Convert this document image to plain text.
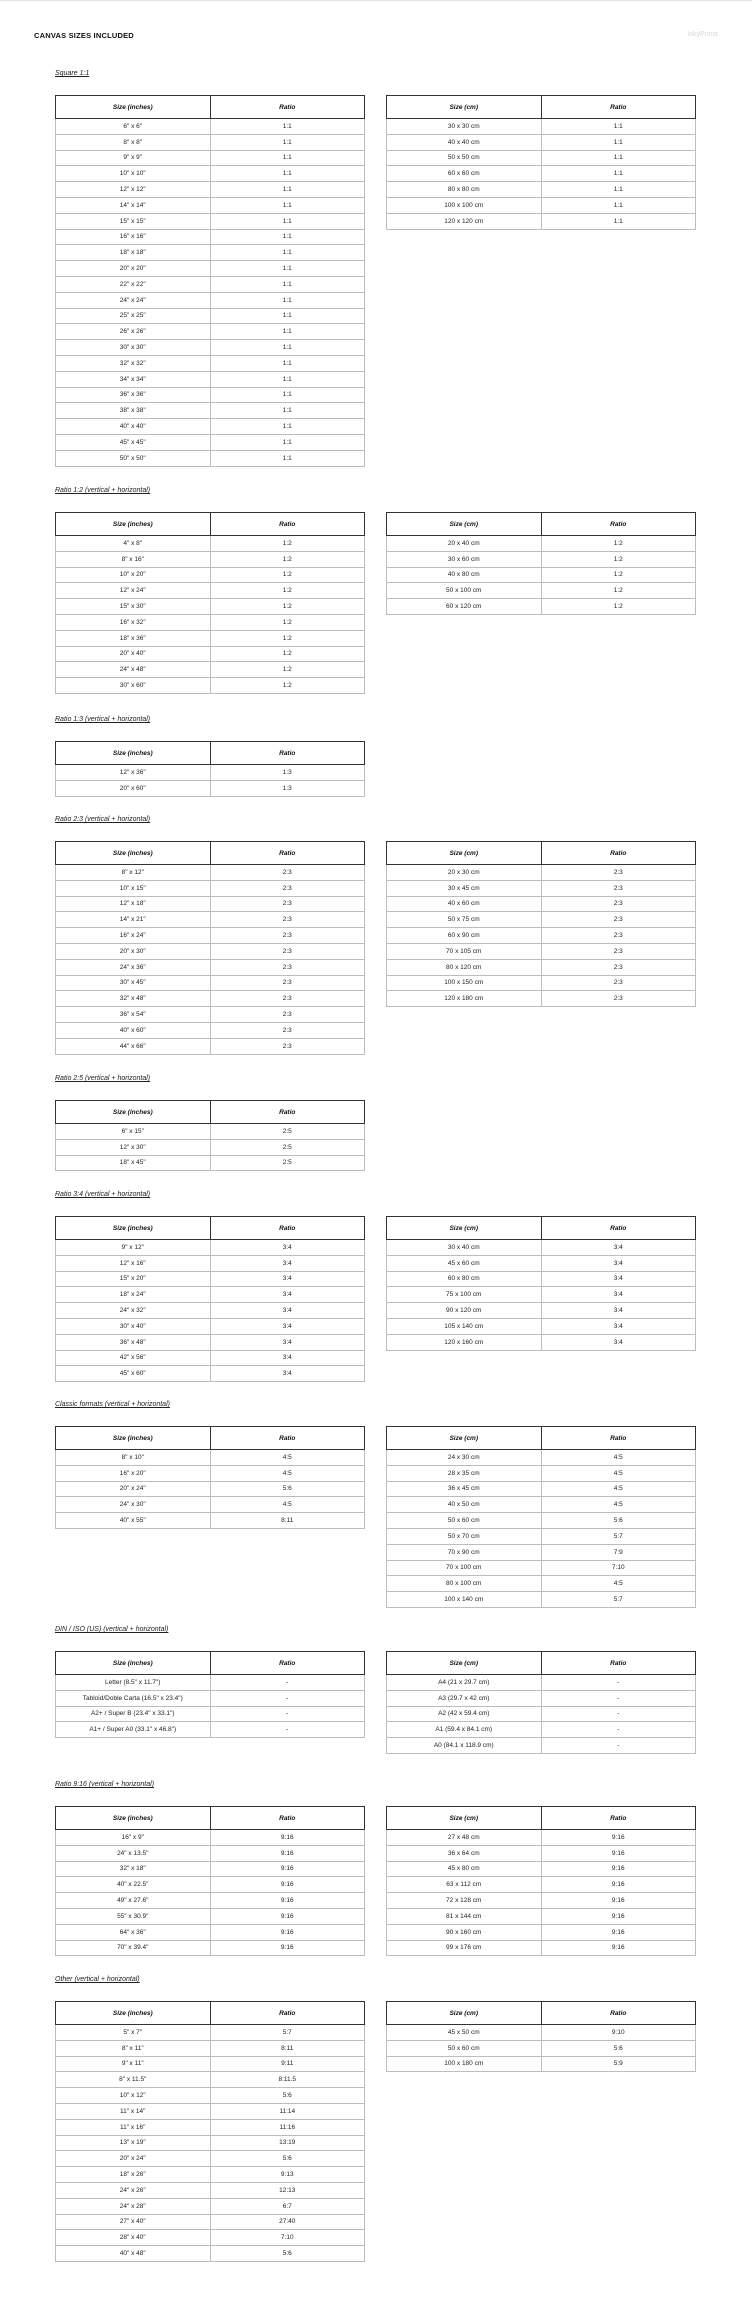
CANVAS SIZES INCLUDED	InkyPrints
Square 1:1
Size (inches)	Ratio
6" x 6"	1:1
8" x 8"	1:1
9" x 9"	1:1
10" x 10"	1:1
12" x 12"	1:1
14" x 14"	1:1
15" x 15"	1:1
16" x 16"	1:1
18" x 18"	1:1
20" x 20"	1:1
22" x 22"	1:1
24" x 24"	1:1
25" x 25"	1:1
26" x 26"	1:1
30" x 30"	1:1
32" x 32"	1:1
34" x 34"	1:1
36" x 36"	1:1
38" x 38"	1:1
40" x 40"	1:1
45" x 45"	1:1
50" x 50"	1:1
Size (cm)	Ratio
30 x 30 cm	1:1
40 x 40 cm	1:1
50 x 50 cm	1:1
60 x 60 cm	1:1
80 x 80 cm	1:1
100 x 100 cm	1:1
120 x 120 cm	1:1
Ratio 1:2 (vertical + horizontal)
Size (inches)	Ratio
4" x 8"	1:2
8" x 16"	1:2
10" x 20"	1:2
12" x 24"	1:2
15" x 30"	1:2
16" x 32"	1:2
18" x 36"	1:2
20" x 40"	1:2
24" x 48"	1:2
30" x 60"	1:2
Size (cm)	Ratio
20 x 40 cm	1:2
30 x 60 cm	1:2
40 x 80 cm	1:2
50 x 100 cm	1:2
60 x 120 cm	1:2
Ratio 1:3 (vertical + horizontal)
Size (inches)	Ratio
12" x 36"	1:3
20" x 60"	1:3
Ratio 2:3 (vertical + horizontal)
Size (inches)	Ratio
8" x 12"	2:3
10" x 15"	2:3
12" x 18"	2:3
14" x 21"	2:3
16" x 24"	2:3
20" x 30"	2:3
24" x 36"	2:3
30" x 45"	2:3
32" x 48"	2:3
36" x 54"	2:3
40" x 60"	2:3
44" x 66"	2:3
Size (cm)	Ratio
20 x 30 cm	2:3
30 x 45 cm	2:3
40 x 60 cm	2:3
50 x 75 cm	2:3
60 x 90 cm	2:3
70 x 105 cm	2:3
80 x 120 cm	2:3
100 x 150 cm	2:3
120 x 180 cm	2:3
Ratio 2:5 (vertical + horizontal)
Size (inches)	Ratio
6" x 15"	2:5
12" x 30"	2:5
18" x 45"	2:5
Ratio 3:4 (vertical + horizontal)
Size (inches)	Ratio
9" x 12"	3:4
12" x 16"	3:4
15" x 20"	3:4
18" x 24"	3:4
24" x 32"	3:4
30" x 40"	3:4
36" x 48"	3:4
42" x 56"	3:4
45" x 60"	3:4
Size (cm)	Ratio
30 x 40 cm	3:4
45 x 60 cm	3:4
60 x 80 cm	3:4
75 x 100 cm	3:4
90 x 120 cm	3:4
105 x 140 cm	3:4
120 x 160 cm	3:4
Classic formats (vertical + horizontal)
Size (inches)	Ratio
8" x 10"	4:5
16" x 20"	4:5
20" x 24"	5:6
24" x 30"	4:5
40" x 55"	8:11
Size (cm)	Ratio
24 x 30 cm	4:5
28 x 35 cm	4:5
36 x 45 cm	4:5
40 x 50 cm	4:5
50 x 60 cm	5:6
50 x 70 cm	5:7
70 x 90 cm	7:9
70 x 100 cm	7:10
80 x 100 cm	4:5
100 x 140 cm	5:7
DIN / ISO (US) (vertical + horizontal)
Size (inches)	Ratio
Letter (8.5" x 11.7")	-
Tabloid/Doble Carta (16.5" x 23.4")	-
A2+ / Super B (23.4" x 33.1")	-
A1+ / Super A0 (33.1" x 46.8")	-
Size (cm)	Ratio
A4 (21 x 29.7 cm)	-
A3 (29.7 x 42 cm)	-
A2 (42 x 59.4 cm)	-
A1 (59.4 x 84.1 cm)	-
A0 (84.1 x 118.9 cm)	-
Ratio 9:16 (vertical + horizontal)
Size (inches)	Ratio
16" x 9"	9:16
24" x 13.5"	9:16
32" x 18"	9:16
40" x 22.5"	9:16
49" x 27.6"	9:16
55" x 30.9"	9:16
64" x 36"	9:16
70" x 39.4"	9:16
Size (cm)	Ratio
27 x 48 cm	9:16
36 x 64 cm	9:16
45 x 80 cm	9:16
63 x 112 cm	9:16
72 x 128 cm	9:16
81 x 144 cm	9:16
90 x 160 cm	9:16
99 x 176 cm	9:16
Other (vertical + horizontal)
Size (inches)	Ratio
5" x 7"	5:7
8" x 11"	8:11
9" x 11"	9:11
8" x 11.5"	8:11.5
10" x 12"	5:6
11" x 14"	11:14
11" x 16"	11:16
13" x 19"	13:19
20" x 24"	5:6
18" x 26"	9:13
24" x 26"	12:13
24" x 28"	6:7
27" x 40"	27:40
28" x 40"	7:10
40" x 48"	5:6
Size (cm)	Ratio
45 x 50 cm	9:10
50 x 60 cm	5:6
100 x 180 cm	5:9
